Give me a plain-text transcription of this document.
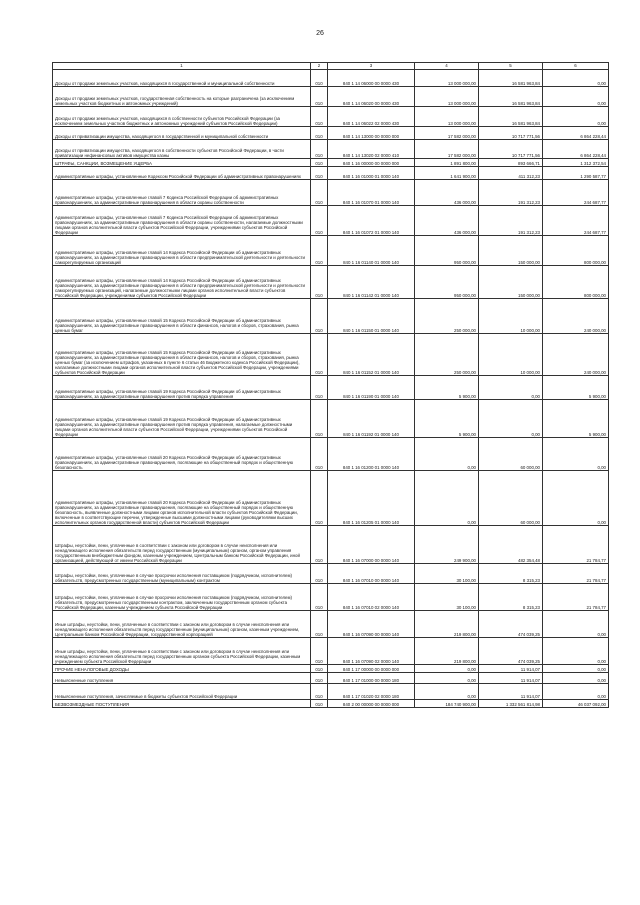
26
1	2	3	4	5	6
Доходы от продажи земельных участков, находящихся в государственной и муниципальной собственности	010	840 1 14 06000 00 0000 430	13 000 000,00	16 581 963,84	0,00
Доходы от продажи земельных участков, государственная собственность на которые разграничена (за исключением земельных участков бюджетных и автономных учреждений)	010	840 1 14 06020 00 0000 430	13 000 000,00	16 581 963,84	0,00
Доходы от продажи земельных участков, находящихся в собственности субъектов Российской Федерации (за исключением земельных участков бюджетных и автономных учреждений субъектов Российской Федерации)	010	840 1 14 06022 02 0000 430	13 000 000,00	16 581 963,84	0,00
Доходы от приватизации имущества, находящегося в государственной и муниципальной собственности	010	840 1 14 13000 00 0000 000	17 582 000,00	10 717 771,56	6 864 228,44
Доходы от приватизации имущества, находящегося в собственности субъектов Российской Федерации, в части приватизации нефинансовых активов имущества казны	010	840 1 14 13020 02 0000 410	17 582 000,00	10 717 771,56	6 864 228,44
ШТРАФЫ, САНКЦИИ, ВОЗМЕЩЕНИЕ УЩЕРБА	010	840 1 16 00000 00 0000 000	1 891 800,00	893 666,71	1 312 372,54
Административные штрафы, установленные Кодексом Российской Федерации об административных правонарушениях	010	840 1 16 01000 01 0000 140	1 641 900,00	411 312,23	1 290 587,77
Административные штрафы, установленные главой 7 Кодекса Российской Федерации об административных правонарушениях, за административные правонарушения в области охраны собственности	010	840 1 16 01070 01 0000 140	436 000,00	191 312,23	244 687,77
Административные штрафы, установленные главой 7 Кодекса Российской Федерации об административных правонарушениях, за административные правонарушения в области охраны собственности, налагаемые должностными лицами органов исполнительной власти субъектов Российской Федерации, учреждениями субъектов Российской Федерации	010	840 1 16 01072 01 0000 140	436 000,00	191 312,23	244 687,77
Административные штрафы, установленные главой 14 Кодекса Российской Федерации об административных правонарушениях, за административные правонарушения в области предпринимательской деятельности и деятельности саморегулируемых организаций	010	840 1 16 01140 01 0000 140	950 000,00	150 000,00	800 000,00
Административные штрафы, установленные главой 14 Кодекса Российской Федерации об административных правонарушениях, за административные правонарушения в области предпринимательской деятельности и деятельности саморегулируемых организаций, налагаемые должностными лицами органов исполнительной власти субъектов Российской Федерации, учреждениями субъектов Российской Федерации	010	840 1 16 01142 01 0000 140	950 000,00	150 000,00	800 000,00
Административные штрафы, установленные главой 15 Кодекса Российской Федерации об административных правонарушениях, за административные правонарушения в области финансов, налогов и сборов, страхования, рынка ценных бумаг	010	840 1 16 01150 01 0000 140	250 000,00	10 000,00	240 000,00
Административные штрафы, установленные главой 15 Кодекса Российской Федерации об административных правонарушениях, за административные правонарушения в области финансов, налогов и сборов, страхования, рынка ценных бумаг (за исключением штрафов, указанных в пункте 6 статьи 46 Бюджетного кодекса Российской Федерации), налагаемые должностными лицами органов исполнительной власти субъектов Российской Федерации, учреждениями субъектов Российской Федерации	010	840 1 16 01152 01 0000 140	250 000,00	10 000,00	240 000,00
Административные штрафы, установленные главой 19 Кодекса Российской Федерации об административных правонарушениях, за административные правонарушения против порядка управления	010	840 1 16 01190 01 0000 140	5 900,00	0,00	5 900,00
Административные штрафы, установленные главой 19 Кодекса Российской Федерации об административных правонарушениях, за административные правонарушения против порядка управления, налагаемые должностными лицами органов исполнительной власти субъектов Российской Федерации, учреждениями субъектов Российской Федерации	010	840 1 16 01192 01 0000 140	5 900,00	0,00	5 900,00
Административные штрафы, установленные главой 20 Кодекса Российской Федерации об административных правонарушениях, за административные правонарушения, посягающие на общественный порядок и общественную безопасность	010	840 1 16 01200 01 0000 140	0,00	60 000,00	0,00
Административные штрафы, установленные главой 20 Кодекса Российской Федерации об административных правонарушениях, за административные правонарушения, посягающие на общественный порядок и общественную безопасность, выявленные должностными лицами органов исполнительной власти субъектов Российской Федерации, включенные в соответствующие перечни, утвержденные высшими должностными лицами (руководителями высших исполнительных органов государственной власти) субъектов Российской Федерации	010	840 1 16 01205 01 0000 140	0,00	60 000,00	0,00
Штрафы, неустойки, пени, уплаченные в соответствии с законом или договором в случае неисполнения или ненадлежащего исполнения обязательств перед государственным (муниципальным) органом, органом управления государственным внебюджетным фондом, казенным учреждением, Центральным банком Российской Федерации, иной организацией, действующей от имени Российской Федерации	010	840 1 16 07000 00 0000 140	249 900,00	482 354,48	21 784,77
Штрафы, неустойки, пени, уплаченные в случае просрочки исполнения поставщиком (подрядчиком, исполнителем) обязательств, предусмотренных государственным (муниципальным) контрактом	010	840 1 16 07010 00 0000 140	30 100,00	8 315,23	21 784,77
Штрафы, неустойки, пени, уплаченные в случае просрочки исполнения поставщиком (подрядчиком, исполнителем) обязательств, предусмотренных государственным контрактом, заключенным государственным органом субъекта Российской Федерации, казенным учреждением субъекта Российской Федерации	010	840 1 16 07010 02 0000 140	30 100,00	8 315,23	21 784,77
Иные штрафы, неустойки, пени, уплаченные в соответствии с законом или договором в случае неисполнения или ненадлежащего исполнения обязательств перед государственным (муниципальным) органом, казенным учреждением, Центральным банком Российской Федерации, государственной корпорацией	010	840 1 16 07090 00 0000 140	219 800,00	474 039,25	0,00
Иные штрафы, неустойки, пени, уплаченные в соответствии с законом или договором в случае неисполнения или ненадлежащего исполнения обязательств перед государственным органом субъекта Российской Федерации, казенным учреждением субъекта Российской Федерации	010	840 1 16 07090 02 0000 140	219 800,00	474 039,25	0,00
ПРОЧИЕ НЕНАЛОГОВЫЕ ДОХОДЫ	010	840 1 17 00000 00 0000 000	0,00	11 914,07	0,00
Невыясненные поступления	010	840 1 17 01000 00 0000 180	0,00	11 914,07	0,00
Невыясненные поступления, зачисляемые в бюджеты субъектов Российской Федерации	010	840 1 17 01020 02 0000 180	0,00	11 914,07	0,00
БЕЗВОЗМЕЗДНЫЕ ПОСТУПЛЕНИЯ	010	840 2 00 00000 00 0000 000	184 740 900,00	1 332 561 814,98	46 037 092,00
